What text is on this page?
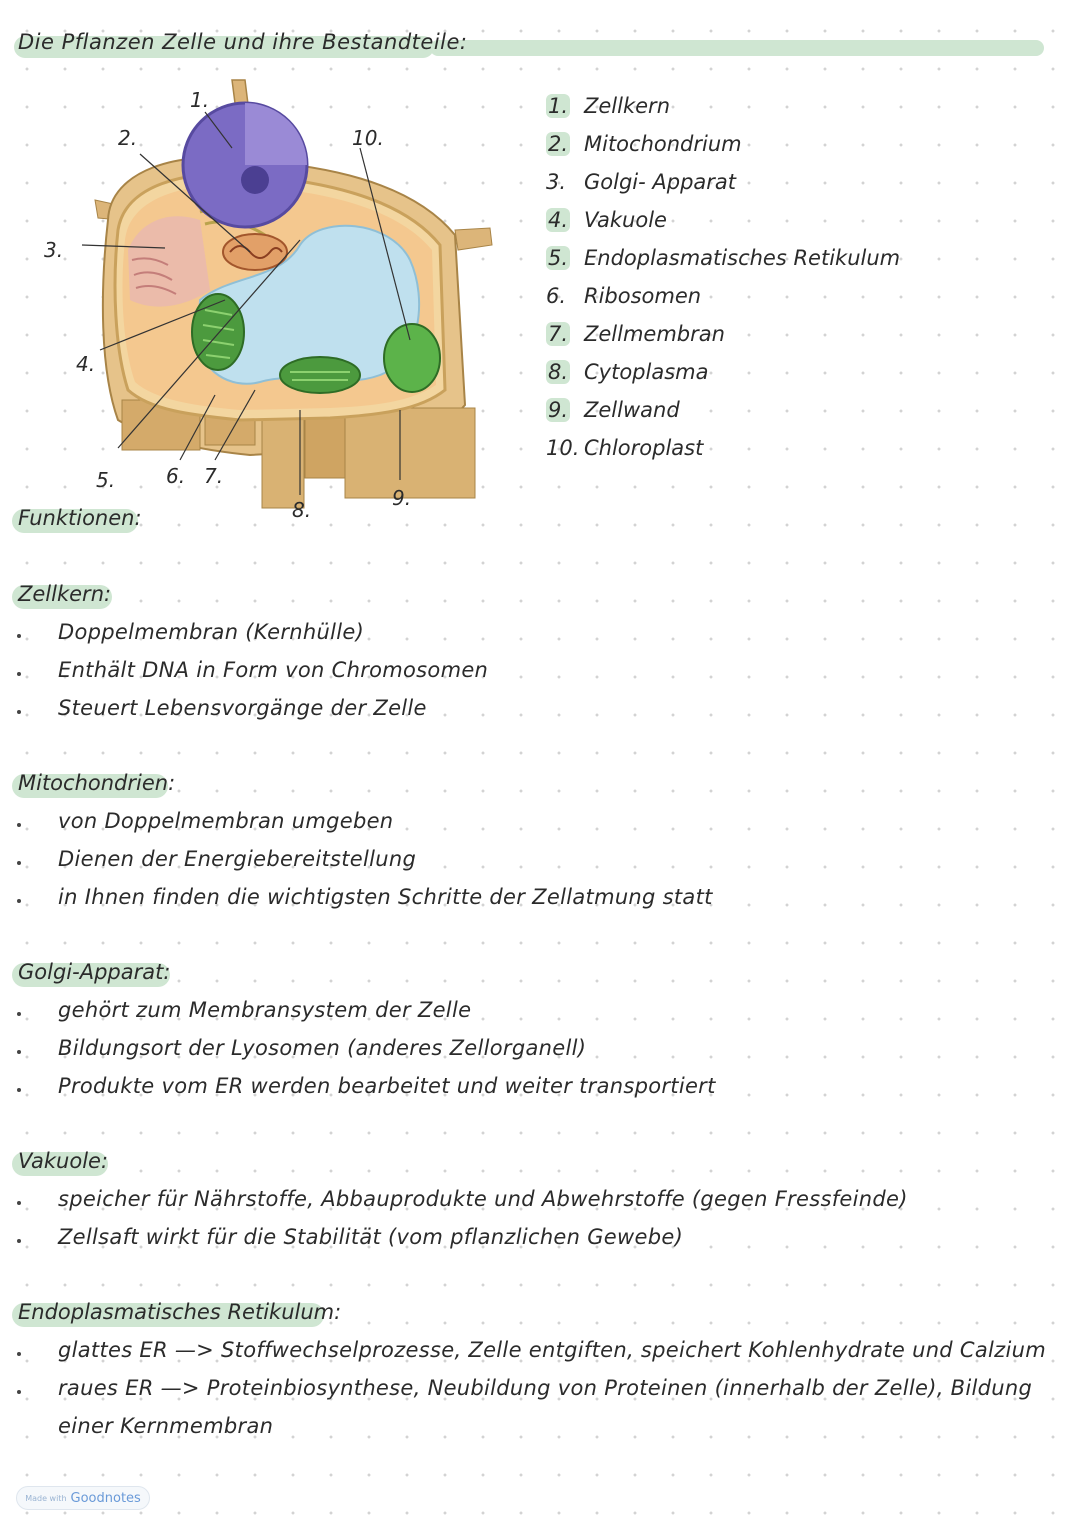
Die Pflanzen Zelle und ihre Bestandteile:
1.
2.	10.
3.
4.
5.	6. 7.
8.	9.
1. Zellkern
2. Mitochondrium
3. Golgi- Apparat
4. Vakuole
5. Endoplasmatisches Retikulum
6. Ribosomen
7. Zellmembran
8. Cytoplasma
9. Zellwand
10. Chloroplast
Funktionen:
Zellkern:
Doppelmembran (Kernhülle)
Enthält DNA in Form von Chromosomen
Steuert Lebensvorgänge der Zelle
Mitochondrien:
von Doppelmembran umgeben
Dienen der Energiebereitstellung
in Ihnen finden die wichtigsten Schritte der Zellatmung statt
Golgi-Apparat:
gehört zum Membransystem der Zelle
Bildungsort der Lyosomen (anderes Zellorganell)
Produkte vom ER werden bearbeitet und weiter transportiert
Vakuole:
speicher für Nährstoffe, Abbauprodukte und Abwehrstoffe (gegen Fressfeinde)
Zellsaft wirkt für die Stabilität (vom pflanzlichen Gewebe)
Endoplasmatisches Retikulum:
glattes ER —> Stoffwechselprozesse, Zelle entgiften, speichert Kohlenhydrate und Calzium
raues ER —> Proteinbiosynthese, Neubildung von Proteinen (innerhalb der Zelle), Bildung
einer Kernmembran
Made with Goodnotes
